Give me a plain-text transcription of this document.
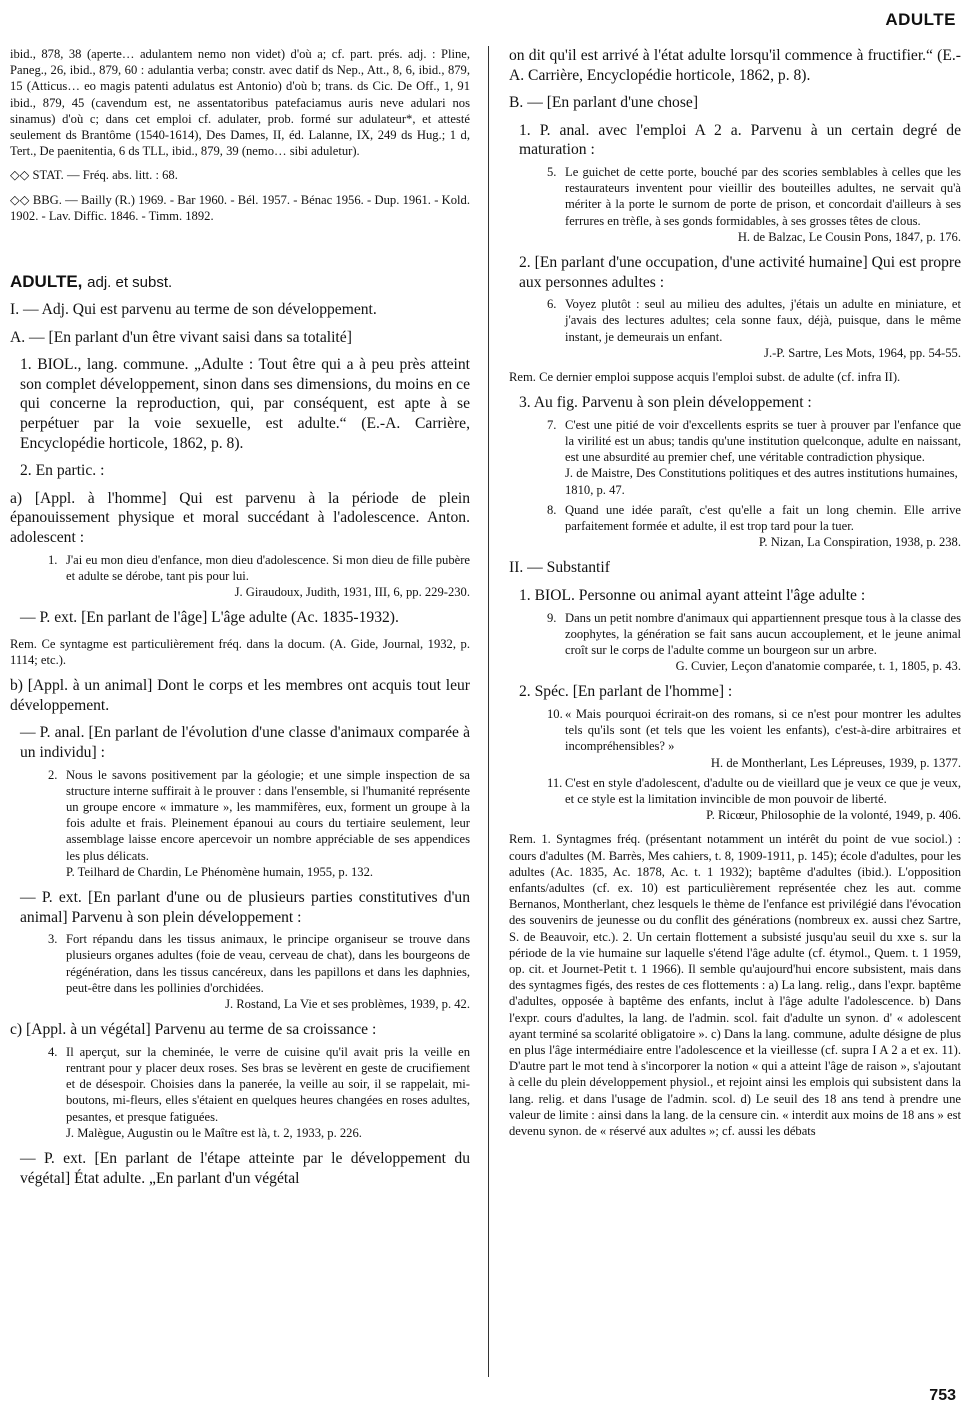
ADULTE

ibid., 878, 38 (aperte… adulantem nemo non videt) d'où a; cf. part. prés. adj. : Pline, Paneg., 26, ibid., 879, 60 : adulantia verba; constr. avec datif ds Nep., Att., 8, 6, ibid., 879, 15 (Atticus… eo magis patenti adulatus est Antonio) d'où b; trans. ds Cic. De Off., 1, 91 ibid., 879, 45 (cavendum est, ne assentatoribus patefaciamus auris neve adulari nos sinamus) d'où c; dans cet emploi cf. adulater, prob. formé sur adulateur*, et attesté seulement ds Brantôme (1540-1614), Des Dames, II, éd. Lalanne, IX, 249 ds Hug.; 1 d, Tert., De paenitentia, 6 ds TLL, ibid., 879, 39 (nemo… sibi aduletur).

◇◇ STAT. — Fréq. abs. litt. : 68.

◇◇ BBG. — Bailly (R.) 1969. - Bar 1960. - Bél. 1957. - Bénac 1956. - Dup. 1961. - Kold. 1902. - Lav. Diffic. 1846. - Timm. 1892.

ADULTE, adj. et subst.

I. — Adj. Qui est parvenu au terme de son développement.

A. — [En parlant d'un être vivant saisi dans sa totalité]

1. BIOL., lang. commune. „Adulte : Tout être qui a à peu près atteint son complet développement, sinon dans ses dimensions, du moins en ce qui concerne la reproduction, qui, par conséquent, est apte à se perpétuer par la voie sexuelle, est adulte.“ (E.-A. Carrière, Encyclopédie horticole, 1862, p. 8).

2. En partic. :

a) [Appl. à l'homme] Qui est parvenu à la période de plein épanouissement physique et moral succédant à l'adolescence. Anton. adolescent :

1. J'ai eu mon dieu d'enfance, mon dieu d'adolescence. Si mon dieu de fille pubère et adulte se dérobe, tant pis pour lui.

J. Giraudoux, Judith, 1931, III, 6, pp. 229-230.

— P. ext. [En parlant de l'âge] L'âge adulte (Ac. 1835-1932).

Rem. Ce syntagme est particulièrement fréq. dans la docum. (A. Gide, Journal, 1932, p. 1114; etc.).

b) [Appl. à un animal] Dont le corps et les membres ont acquis tout leur développement.

— P. anal. [En parlant de l'évolution d'une classe d'animaux comparée à un individu] :

2. Nous le savons positivement par la géologie; et une simple inspection de sa structure interne suffirait à le prouver : dans l'ensemble, si l'humanité représente un groupe encore « immature », les mammifères, eux, forment un groupe à la fois adulte et frais. Pleinement épanoui au cours du tertiaire seulement, leur assemblage laisse encore apercevoir un nombre appréciable de ses appendices les plus délicats.

P. Teilhard de Chardin, Le Phénomène humain, 1955, p. 132.

— P. ext. [En parlant d'une ou de plusieurs parties constitutives d'un animal] Parvenu à son plein développement :

3. Fort répandu dans les tissus animaux, le principe organiseur se trouve dans plusieurs organes adultes (foie de veau, cerveau de chat), dans les bourgeons de régénération, dans les tissus cancéreux, dans les papillons et dans les daphnies, peut-être dans les pollinies d'orchidées.

J. Rostand, La Vie et ses problèmes, 1939, p. 42.

c) [Appl. à un végétal] Parvenu au terme de sa croissance :

4. Il aperçut, sur la cheminée, le verre de cuisine qu'il avait pris la veille en rentrant pour y placer deux roses. Ses bras se levèrent en geste de crucifiement et de désespoir. Choisies dans la panerée, la veille au soir, il se rappelait, mi-boutons, mi-fleurs, elles s'étaient en quelques heures changées en roses adultes, pesantes, et presque fatiguées.

J. Malègue, Augustin ou le Maître est là, t. 2, 1933, p. 226.

— P. ext. [En parlant de l'étape atteinte par le développement du végétal] État adulte. „En parlant d'un végétal

on dit qu'il est arrivé à l'état adulte lorsqu'il commence à fructifier.“ (E.-A. Carrière, Encyclopédie horticole, 1862, p. 8).

B. — [En parlant d'une chose]

1. P. anal. avec l'emploi A 2 a. Parvenu à un certain degré de maturation :

5. Le guichet de cette porte, bouché par des scories semblables à celles que les restaurateurs inventent pour vieillir des bouteilles adultes, ne servait qu'à mériter à la porte le surnom de porte de prison, et concordait d'ailleurs à ses ferrures en trèfle, à ses gonds formidables, à ses grosses têtes de clous.

H. de Balzac, Le Cousin Pons, 1847, p. 176.

2. [En parlant d'une occupation, d'une activité humaine] Qui est propre aux personnes adultes :

6. Voyez plutôt : seul au milieu des adultes, j'étais un adulte en miniature, et j'avais des lectures adultes; cela sonne faux, déjà, puisque, dans le même instant, je demeurais un enfant.

J.-P. Sartre, Les Mots, 1964, pp. 54-55.

Rem. Ce dernier emploi suppose acquis l'emploi subst. de adulte (cf. infra II).

3. Au fig. Parvenu à son plein développement :

7. C'est une pitié de voir d'excellents esprits se tuer à prouver par l'enfance que la virilité est un abus; tandis qu'une institution quelconque, adulte en naissant, est une absurdité au premier chef, une véritable contradiction physique.

J. de Maistre, Des Constitutions politiques et des autres institutions humaines, 1810, p. 47.

8. Quand une idée paraît, c'est qu'elle a fait un long chemin. Elle arrive parfaitement formée et adulte, il est trop tard pour la tuer.

P. Nizan, La Conspiration, 1938, p. 238.

II. — Substantif

1. BIOL. Personne ou animal ayant atteint l'âge adulte :

9. Dans un petit nombre d'animaux qui appartiennent presque tous à la classe des zoophytes, la génération se fait sans aucun accouplement, et le jeune animal croît sur le corps de l'adulte comme un bourgeon sur un arbre.

G. Cuvier, Leçon d'anatomie comparée, t. 1, 1805, p. 43.

2. Spéc. [En parlant de l'homme] :

10. « Mais pourquoi écrirait-on des romans, si ce n'est pour montrer les adultes tels qu'ils sont (et tels que les voient les enfants), c'est-à-dire arbitraires et incompréhensibles? »

H. de Montherlant, Les Lépreuses, 1939, p. 1377.

11. C'est en style d'adolescent, d'adulte ou de vieillard que je veux ce que je veux, et ce style est la limitation invincible de mon pouvoir de liberté.

P. Ricœur, Philosophie de la volonté, 1949, p. 406.

Rem. 1. Syntagmes fréq. (présentant notamment un intérêt du point de vue sociol.) : cours d'adultes (M. Barrès, Mes cahiers, t. 8, 1909-1911, p. 145); école d'adultes, pour les adultes (Ac. 1835, Ac. 1878, Ac. t. 1 1932); baptême d'adultes (ibid.). L'opposition enfants/adultes (cf. ex. 10) est particulièrement représentée chez les aut. comme Bernanos, Montherlant, chez lesquels le thème de l'enfance est privilégié dans l'évocation des souvenirs de jeunesse ou du conflit des générations (nombreux ex. aussi chez Sartre, S. de Beauvoir, etc.). 2. Un certain flottement a subsisté jusqu'au seuil du xxe s. sur la période de la vie humaine sur laquelle s'étend l'âge adulte (cf. étymol., Quem. t. 1 1959, op. cit. et Journet-Petit t. 1 1966). Il semble qu'aujourd'hui encore subsistent, mais dans des syntagmes figés, des restes de ces flottements : a) La lang. relig., dans l'expr. baptême d'adultes, opposée à baptême des enfants, inclut à l'âge adulte l'adolescence. b) Dans l'expr. cours d'adultes, la lang. de l'admin. scol. fait d'adulte un synon. d' « adolescent ayant terminé sa scolarité obligatoire ». c) Dans la lang. commune, adulte désigne de plus en plus l'âge intermédiaire entre l'adolescence et la vieillesse (cf. supra I A 2 a et ex. 11). D'autre part le mot tend à s'incorporer la notion « qui a atteint l'âge de raison », s'ajoutant à celle du plein développement physiol., et rejoint ainsi les emplois qui subsistent dans la lang. relig. et dans l'usage de l'admin. scol. d) Le seuil des 18 ans tend à prendre une valeur de limite : ainsi dans la lang. de la censure cin. « interdit aux moins de 18 ans » est devenu synon. de « réservé aux adultes »; cf. aussi les débats

753
